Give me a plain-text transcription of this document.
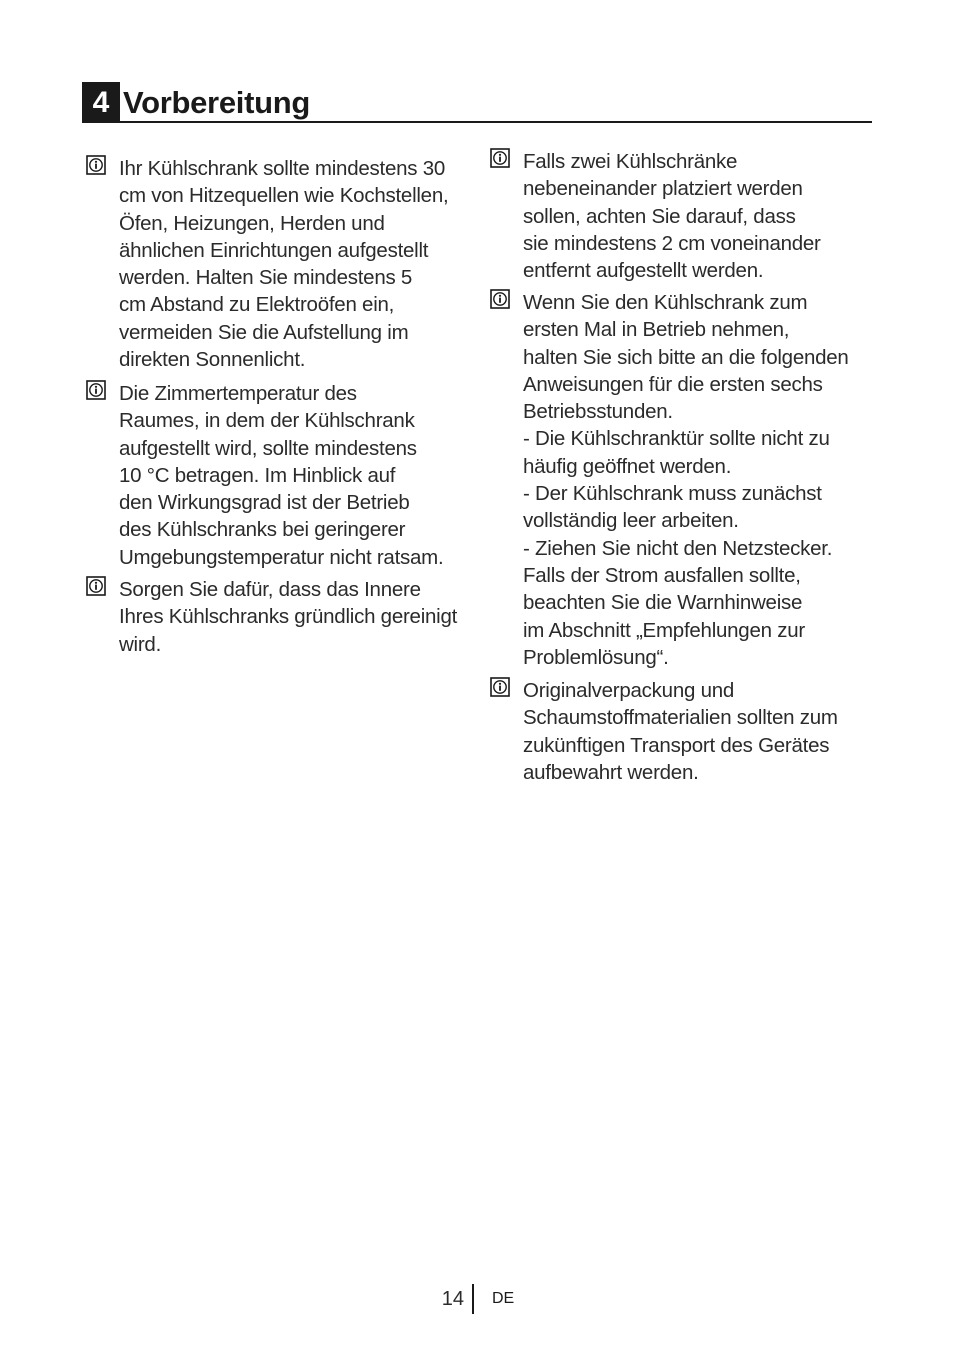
4 Vorbereitung

Ihr Kühlschrank sollte mindestens 30
cm von Hitzequellen wie Kochstellen,
Öfen, Heizungen, Herden und
ähnlichen Einrichtungen aufgestellt
werden. Halten Sie mindestens 5
cm Abstand zu Elektroöfen ein,
vermeiden Sie die Aufstellung im
direkten Sonnenlicht.

Die Zimmertemperatur des
Raumes, in dem der Kühlschrank
aufgestellt wird, sollte mindestens
10 °C betragen. Im Hinblick auf
den Wirkungsgrad ist der Betrieb
des Kühlschranks bei geringerer
Umgebungstemperatur nicht ratsam.

Sorgen Sie dafür, dass das Innere
Ihres Kühlschranks gründlich gereinigt
wird.

Falls zwei Kühlschränke
nebeneinander platziert werden
sollen, achten Sie darauf, dass
sie mindestens 2 cm voneinander
entfernt aufgestellt werden.

Wenn Sie den Kühlschrank zum
ersten Mal in Betrieb nehmen,
halten Sie sich bitte an die folgenden
Anweisungen für die ersten sechs
Betriebsstunden.
- Die Kühlschranktür sollte nicht zu
häufig geöffnet werden.
- Der Kühlschrank muss zunächst
vollständig leer arbeiten.
- Ziehen Sie nicht den Netzstecker.
Falls der Strom ausfallen sollte,
beachten Sie die Warnhinweise
im Abschnitt „Empfehlungen zur
Problemlösung“.

Originalverpackung und
Schaumstoffmaterialien sollten zum
zukünftigen Transport des Gerätes
aufbewahrt werden.

14 DE
